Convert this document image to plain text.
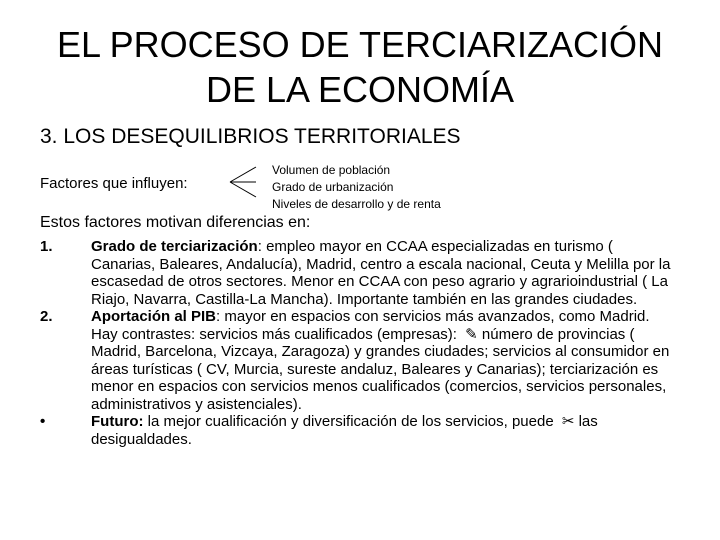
EL PROCESO DE TERCIARIZACIÓN
DE LA ECONOMÍA
3. LOS DESEQUILIBRIOS TERRITORIALES
Factores que influyen:
Volumen de población
Grado de urbanización
Niveles de desarrollo y de renta
Estos factores motivan diferencias en:
1.	Grado de terciarización: empleo mayor en CCAA especializadas en turismo ( Canarias, Baleares, Andalucía), Madrid, centro a escala nacional, Ceuta y Melilla por la escasedad de otros sectores. Menor en CCAA con peso agrario y agrarioindustrial ( La Riajo, Navarra, Castilla-La Mancha). Importante también en las grandes ciudades.
2.	Aportación al PIB: mayor en espacios con servicios más avanzados, como Madrid. Hay contrastes: servicios más cualificados (empresas): ✎ número de provincias ( Madrid, Barcelona, Vizcaya, Zaragoza) y grandes ciudades; servicios al consumidor en áreas turísticas ( CV, Murcia, sureste andaluz, Baleares y Canarias); terciarización es menor en espacios con servicios menos cualificados (comercios, servicios personales, administrativos y asistenciales).
•	Futuro: la mejor cualificación y diversificación de los servicios, puede ✂ las desigualdades.
